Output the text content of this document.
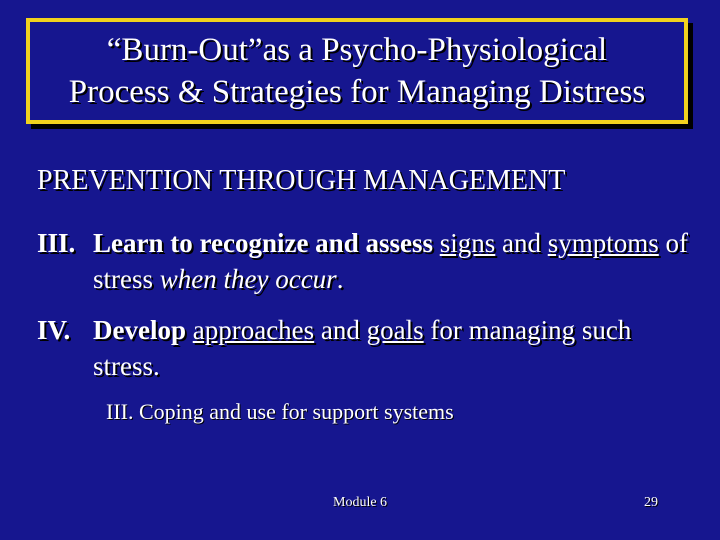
“Burn-Out”as a Psycho-Physiological
Process & Strategies for Managing Distress
PREVENTION THROUGH MANAGEMENT
III. Learn to recognize and assess signs and symptoms of stress when they occur.
IV. Develop approaches and goals for managing such stress.
III. Coping and use for support systems
Module 6	29
